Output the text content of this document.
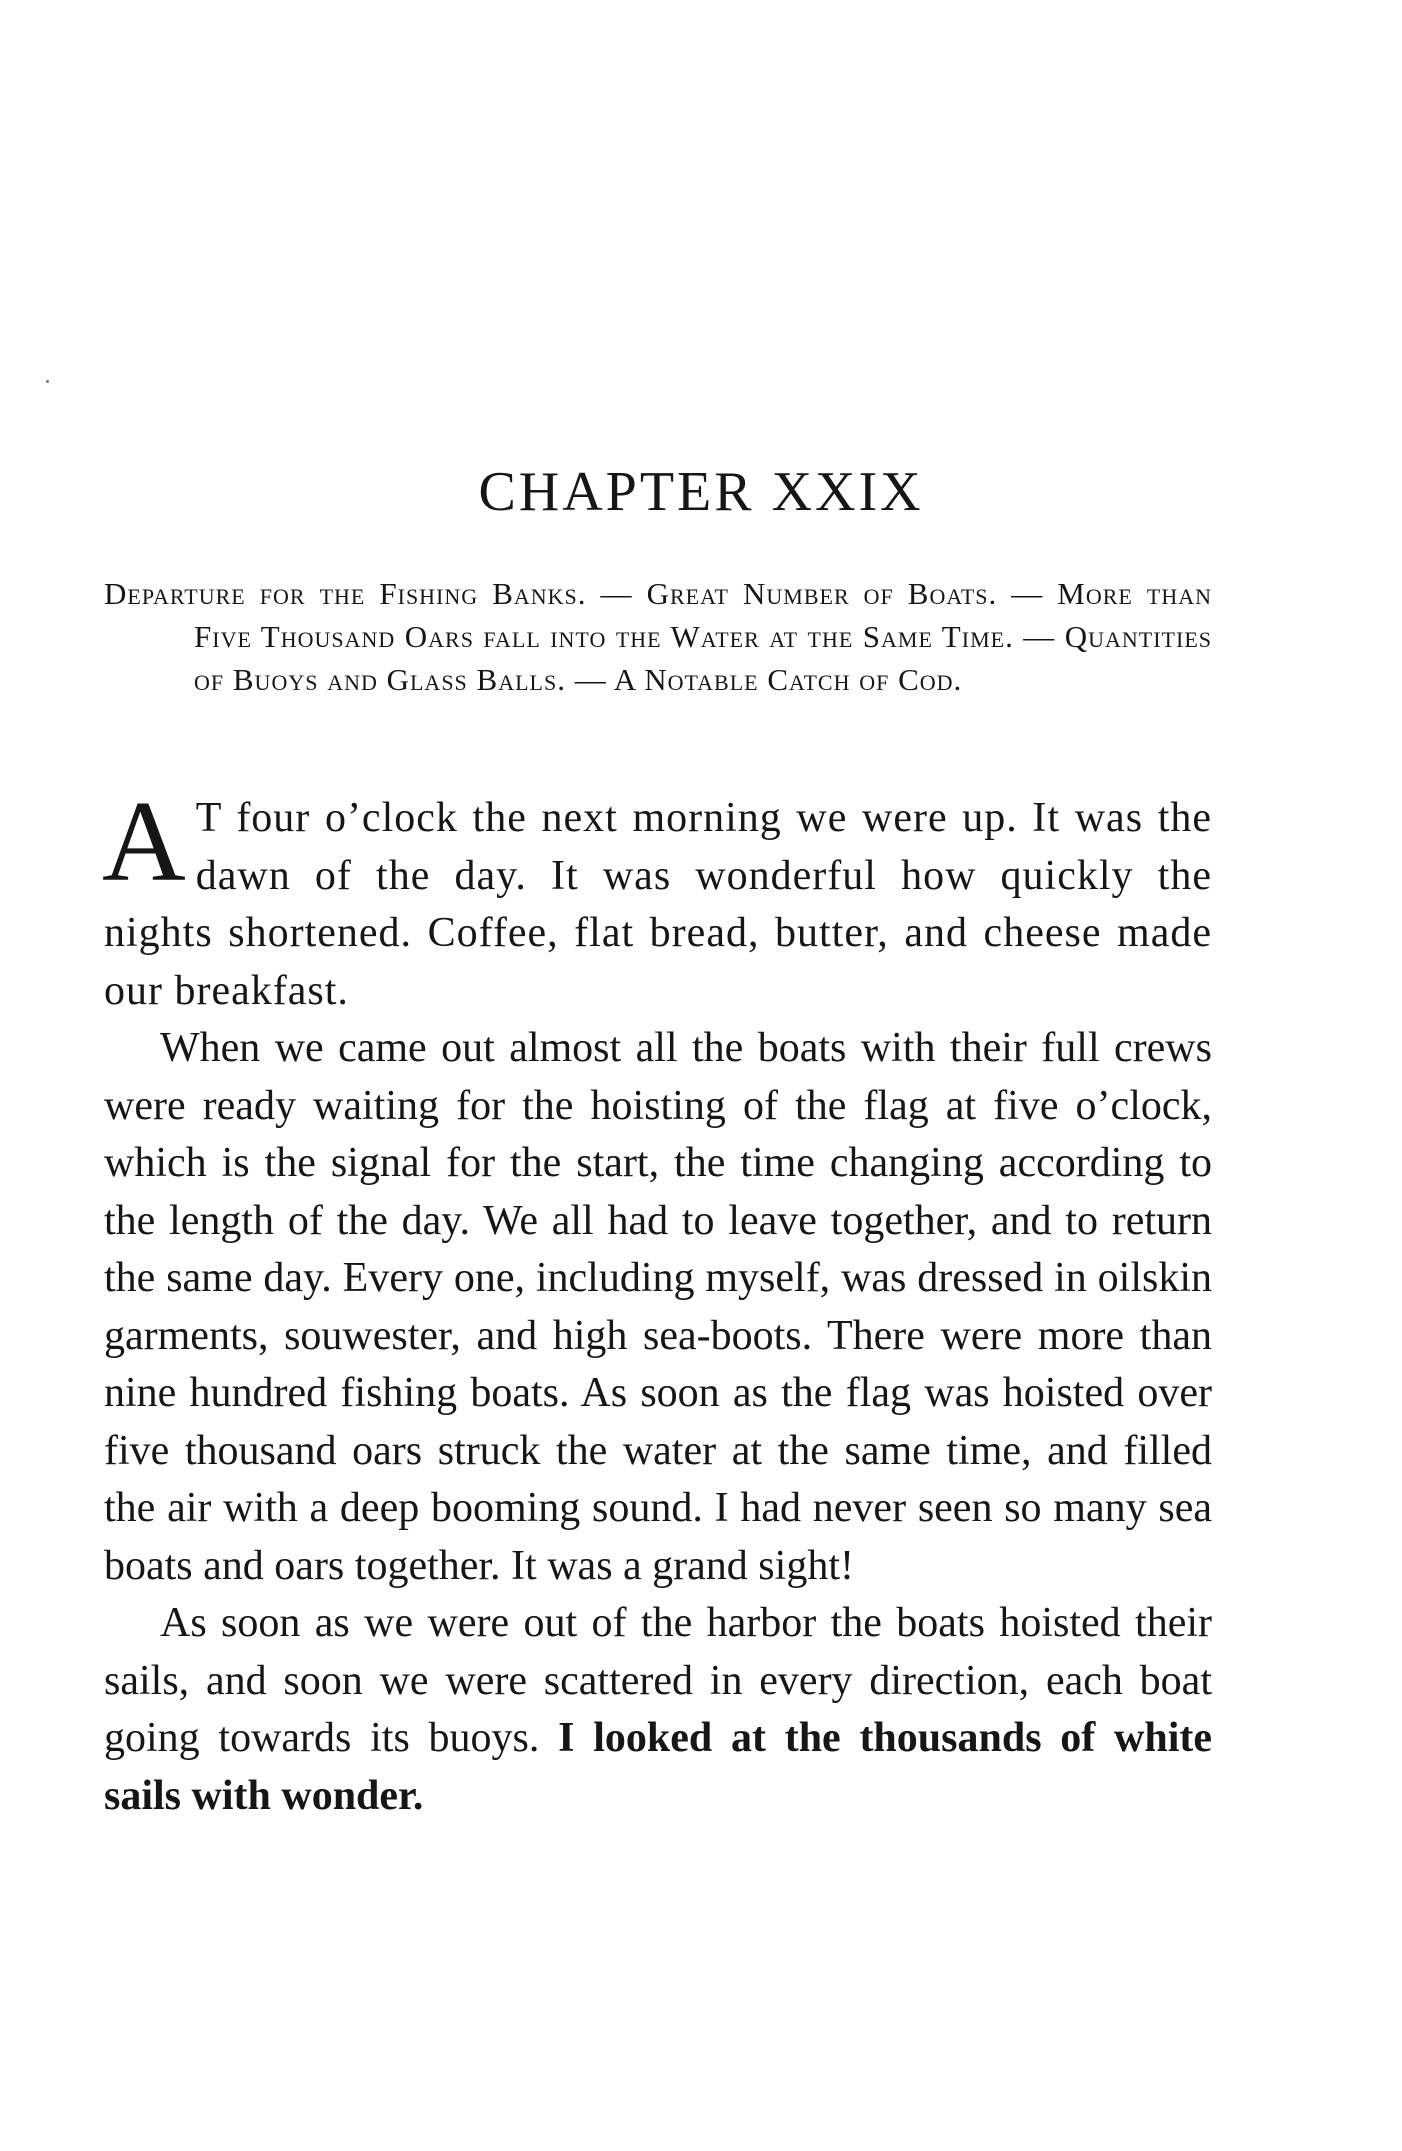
CHAPTER XXIX

Departure for the Fishing Banks. — Great Number of Boats. — More than Five Thousand Oars fall into the Water at the Same Time. — Quantities of Buoys and Glass Balls. — A Notable Catch of Cod.

A T four o’clock the next morning we were up. It was the dawn of the day. It was wonderful how quickly the nights shortened. Coffee, flat bread, butter, and cheese made our breakfast.

When we came out almost all the boats with their full crews were ready waiting for the hoisting of the flag at five o’clock, which is the signal for the start, the time changing according to the length of the day. We all had to leave together, and to return the same day. Every one, including myself, was dressed in oilskin garments, souwester, and high sea-boots. There were more than nine hundred fishing boats. As soon as the flag was hoisted over five thousand oars struck the water at the same time, and filled the air with a deep booming sound. I had never seen so many sea boats and oars together. It was a grand sight!

As soon as we were out of the harbor the boats hoisted their sails, and soon we were scattered in every direction, each boat going towards its buoys. I looked at the thousands of white sails with wonder.
